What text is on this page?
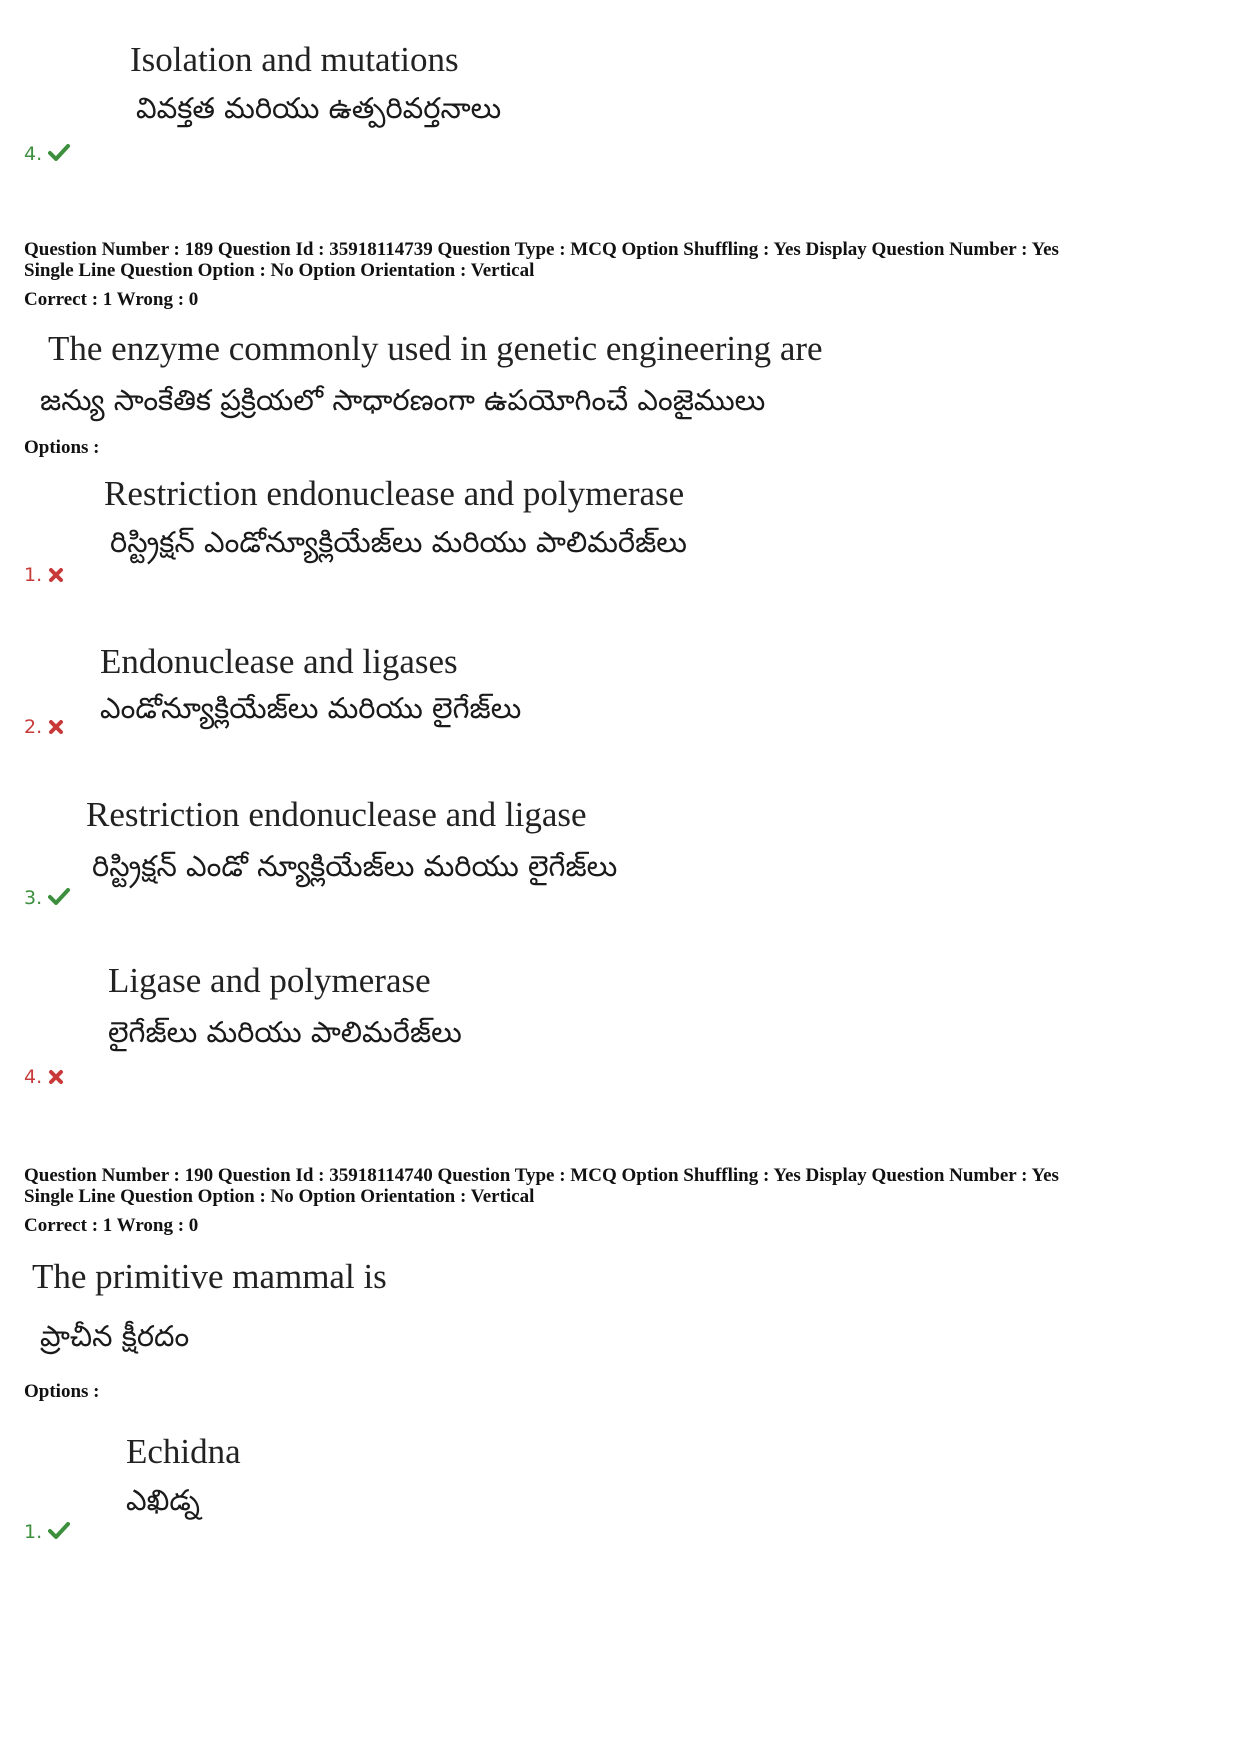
Isolation and mutations
వివక్తత మరియు ఉత్పరివర్తనాలు
4.
Question Number : 189 Question Id : 35918114739 Question Type : MCQ Option Shuffling : Yes Display Question Number : Yes
Single Line Question Option : No Option Orientation : Vertical
Correct : 1 Wrong : 0
The enzyme commonly used in genetic engineering are
జన్యు సాంకేతిక ప్రక్రియలో సాధారణంగా ఉపయోగించే ఎంజైములు
Options :
Restriction endonuclease and polymerase
రిస్ట్రిక్షన్ ఎండోన్యూక్లియేజ్‌లు మరియు పాలిమరేజ్‌లు
1.
Endonuclease and ligases
ఎండోన్యూక్లియేజ్‌లు మరియు లైగేజ్‌లు
2.
Restriction endonuclease and ligase
రిస్ట్రిక్షన్ ఎండో న్యూక్లియేజ్‌లు మరియు లైగేజ్‌లు
3.
Ligase and polymerase
లైగేజ్‌లు మరియు పాలిమరేజ్‌లు
4.
Question Number : 190 Question Id : 35918114740 Question Type : MCQ Option Shuffling : Yes Display Question Number : Yes
Single Line Question Option : No Option Orientation : Vertical
Correct : 1 Wrong : 0
The primitive mammal is
ప్రాచీన క్షీరదం
Options :
Echidna
ఎఖిడ్న
1.
